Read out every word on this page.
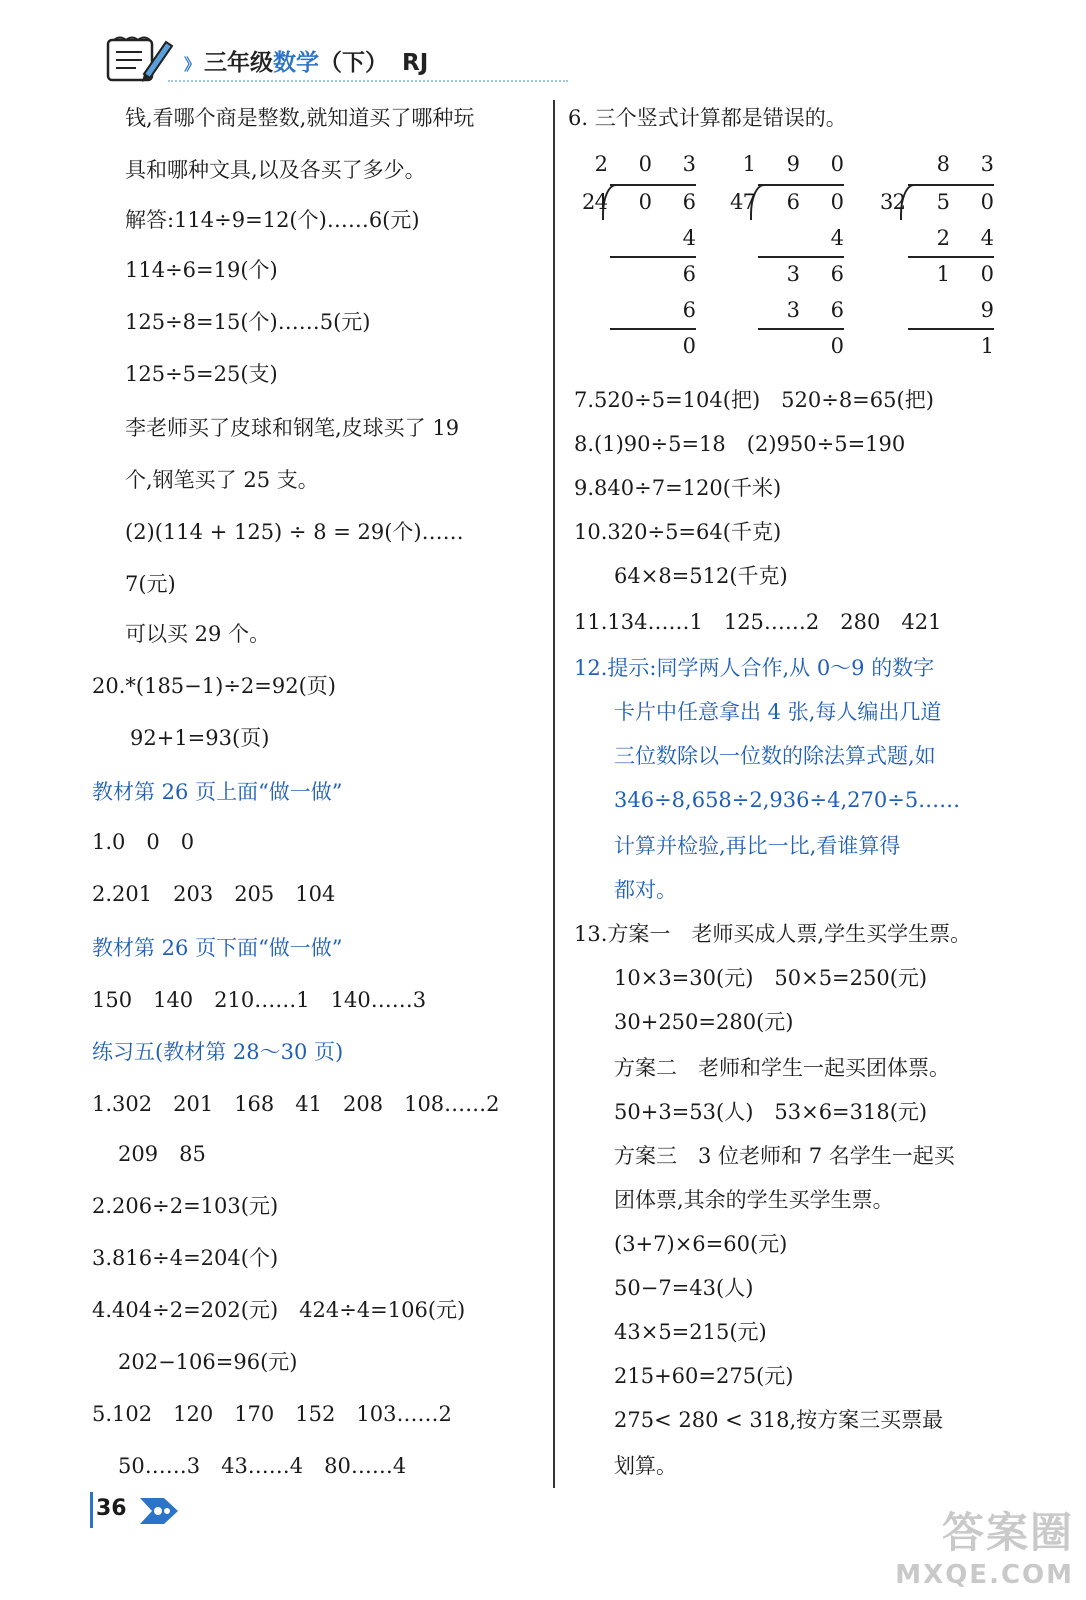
》 三年级数学（下） RJ
钱,看哪个商是整数,就知道买了哪种玩
具和哪种文具,以及各买了多少。
解答:114÷9=12(个)……6(元)
114÷6=19(个)
125÷8=15(个)……5(元)
125÷5=25(支)
李老师买了皮球和钢笔,皮球买了 19
个,钢笔买了 25 支。
(2)(114 + 125) ÷ 8 = 29(个)……
7(元)
可以买 29 个。
20.*(185−1)÷2=92(页)
92+1=93(页)
教材第 26 页上面“做一做”
1.0　0　0
2.201　203　205　104
教材第 26 页下面“做一做”
150　140　210……1　140……3
练习五(教材第 28～30 页)
1.302　201　168　41　208　108……2
209　85
2.206÷2=103(元)
3.816÷4=204(个)
4.404÷2=202(元)　424÷4=106(元)
202−106=96(元)
5.102　120　170　152　103……2
50……3　43……4　80……4
6. 三个竖式计算都是错误的。
2 0 3
2 4 0 6
4
6
6
0
1 9 0
4 7 6 0
4
3 6
3 6
0
8 3
3 2 5 0
2 4
1 0
9
1
7.520÷5=104(把)　520÷8=65(把)
8.(1)90÷5=18　(2)950÷5=190
9.840÷7=120(千米)
10.320÷5=64(千克)
64×8=512(千克)
11.134……1　125……2　280　421
12.提示:同学两人合作,从 0～9 的数字
卡片中任意拿出 4 张,每人编出几道
三位数除以一位数的除法算式题,如
346÷8,658÷2,936÷4,270÷5……
计算并检验,再比一比,看谁算得
都对。
13.方案一　老师买成人票,学生买学生票。
10×3=30(元)　50×5=250(元)
30+250=280(元)
方案二　老师和学生一起买团体票。
50+3=53(人)　53×6=318(元)
方案三　3 位老师和 7 名学生一起买
团体票,其余的学生买学生票。
(3+7)×6=60(元)
50−7=43(人)
43×5=215(元)
215+60=275(元)
275< 280 < 318,按方案三买票最
划算。
36	答案圈
MXQE.COM
